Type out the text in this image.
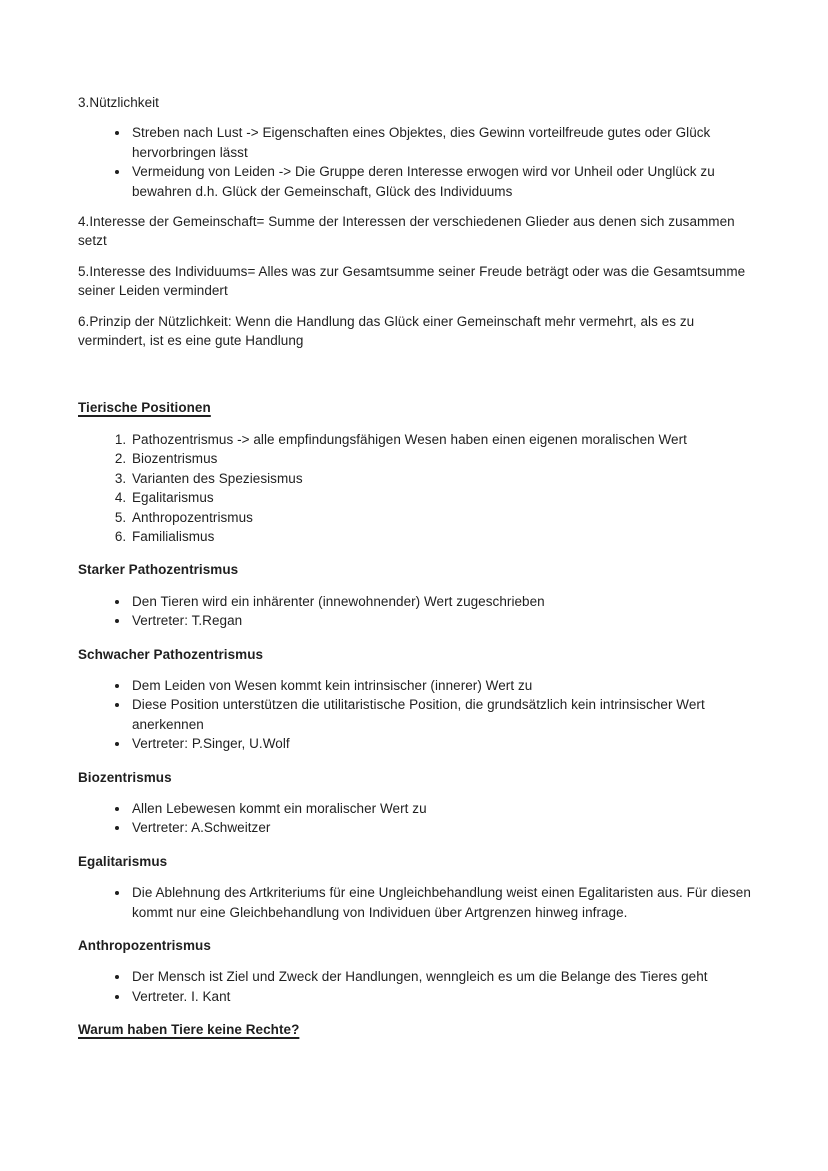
3.Nützlichkeit

• Streben nach Lust -> Eigenschaften eines Objektes, dies Gewinn vorteilfreude gutes oder Glück hervorbringen lässt
• Vermeidung von Leiden -> Die Gruppe deren Interesse erwogen wird vor Unheil oder Unglück zu bewahren d.h. Glück der Gemeinschaft, Glück des Individuums

4.Interesse der Gemeinschaft= Summe der Interessen der verschiedenen Glieder aus denen sich zusammen setzt

5.Interesse des Individuums= Alles was zur Gesamtsumme seiner Freude beträgt oder was die Gesamtsumme seiner Leiden vermindert

6.Prinzip der Nützlichkeit: Wenn die Handlung das Glück einer Gemeinschaft mehr vermehrt, als es zu vermindert, ist es eine gute Handlung

Tierische Positionen

1. Pathozentrismus -> alle empfindungsfähigen Wesen haben einen eigenen moralischen Wert
2. Biozentrismus
3. Varianten des Speziesismus
4. Egalitarismus
5. Anthropozentrismus
6. Familialismus

Starker Pathozentrismus

• Den Tieren wird ein inhärenter (innewohnender) Wert zugeschrieben
• Vertreter: T.Regan

Schwacher Pathozentrismus

• Dem Leiden von Wesen kommt kein intrinsischer (innerer) Wert zu
• Diese Position unterstützen die utilitaristische Position, die grundsätzlich kein intrinsischer Wert anerkennen
• Vertreter: P.Singer, U.Wolf

Biozentrismus

• Allen Lebewesen kommt ein moralischer Wert zu
• Vertreter: A.Schweitzer

Egalitarismus

• Die Ablehnung des Artkriteriums für eine Ungleichbehandlung weist einen Egalitaristen aus. Für diesen kommt nur eine Gleichbehandlung von Individuen über Artgrenzen hinweg infrage.

Anthropozentrismus

• Der Mensch ist Ziel und Zweck der Handlungen, wenngleich es um die Belange des Tieres geht
• Vertreter. I. Kant

Warum haben Tiere keine Rechte?
